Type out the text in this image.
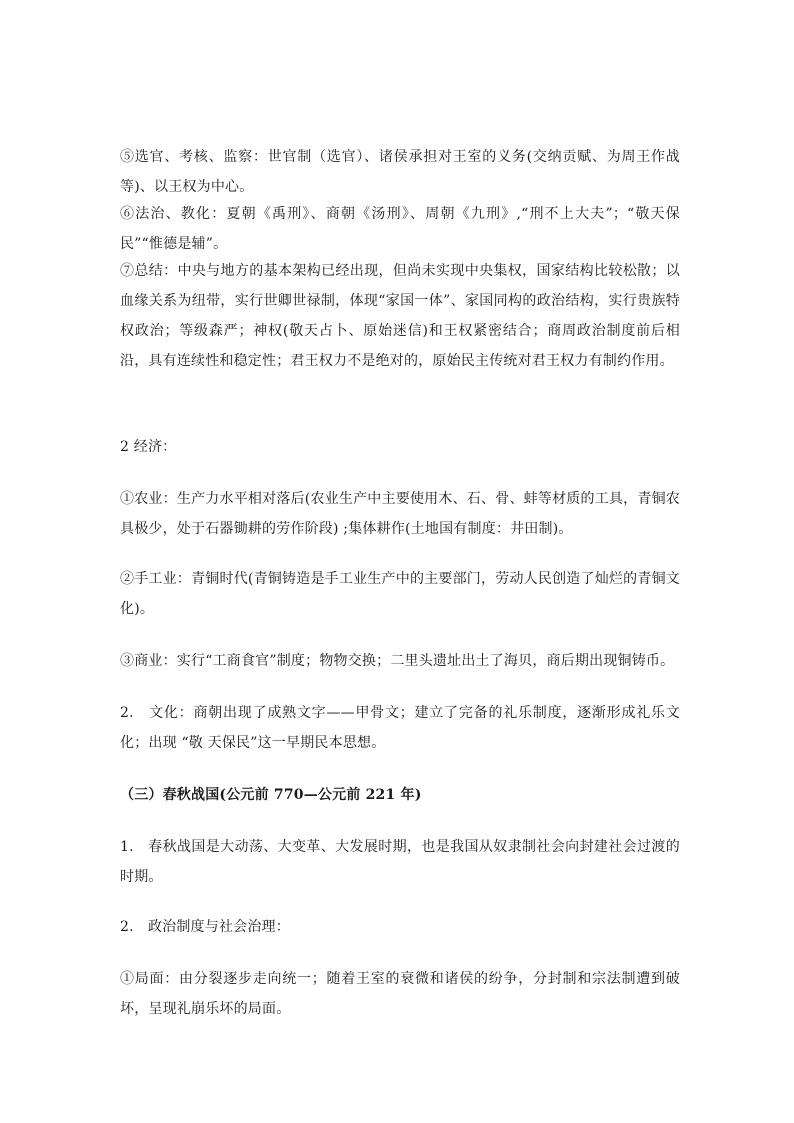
⑤选官、考核、监察：世官制（选官）、诸侯承担对王室的义务(交纳贡赋、为周王作战等)、以王权为中心。

⑥法治、教化：夏朝《禹刑》、商朝《汤刑》、周朝《九刑》,“刑不上大夫”；“敬天保民”“惟德是辅”。

⑦总结：中央与地方的基本架构已经出现，但尚未实现中央集权，国家结构比较松散；以血缘关系为纽带，实行世卿世禄制，体现“家国一体”、家国同构的政治结构，实行贵族特权政治；等级森严；神权(敬天占卜、原始迷信)和王权紧密结合；商周政治制度前后相沿，具有连续性和稳定性；君王权力不是绝对的，原始民主传统对君王权力有制约作用。

2 经济：

①农业：生产力水平相对落后(农业生产中主要使用木、石、骨、蚌等材质的工具，青铜农具极少，处于石器锄耕的劳作阶段) ;集体耕作(土地国有制度：井田制)。

②手工业：青铜时代(青铜铸造是手工业生产中的主要部门，劳动人民创造了灿烂的青铜文化)。

③商业：实行“工商食官”制度；物物交换；二里头遗址出土了海贝，商后期出现铜铸币。

2.　文化：商朝出现了成熟文字——甲骨文；建立了完备的礼乐制度，逐渐形成礼乐文化；出现 “敬 天保民”这一早期民本思想。

（三）春秋战国(公元前 770—公元前 221 年)

1.　春秋战国是大动荡、大变革、大发展时期，也是我国从奴隶制社会向封建社会过渡的时期。

2.　政治制度与社会治理：

①局面：由分裂逐步走向统一；随着王室的衰微和诸侯的纷争，分封制和宗法制遭到破坏，呈现礼崩乐坏的局面。
